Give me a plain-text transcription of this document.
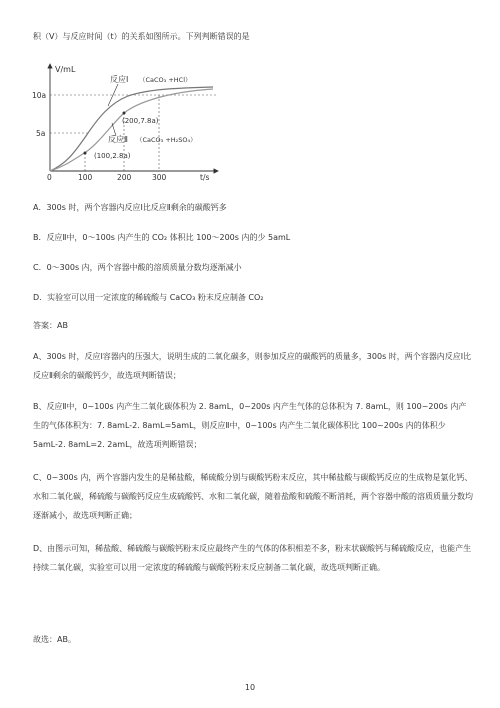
积（V）与反应时间（t）的关系如图所示。下列判断错误的是
V/mL
t/s
10a
5a
0	100	200	300
(200,7.8a)
(100,2.8a)
反应Ⅰ （CaCO₃ +HCl）
反应Ⅱ （CaCO₃ +H₂SO₄）
A．300s 时，两个容器内反应Ⅰ比反应Ⅱ剩余的碳酸钙多
B．反应Ⅱ中，0～100s 内产生的 CO₂ 体积比 100～200s 内的少 5amL
C．0～300s 内，两个容器中酸的溶质质量分数均逐渐减小
D．实验室可以用一定浓度的稀硫酸与 CaCO₃ 粉末反应制备 CO₂
答案：AB
A、300s 时，反应Ⅰ容器内的压强大，说明生成的二氧化碳多，则参加反应的碳酸钙的质量多，300s 时，两个容器内反应Ⅰ比反应Ⅱ剩余的碳酸钙少，故选项判断错误；
B、反应Ⅱ中，0~100s 内产生二氧化碳体积为 2. 8amL，0~200s 内产生气体的总体积为 7. 8amL，则 100~200s 内产生的气体体积为：7. 8amL-2. 8amL=5amL，则反应Ⅱ中，0~100s 内产生二氧化碳体积比 100~200s 内的体积少 5amL-2. 8amL=2. 2amL，故选项判断错误；
C、0~300s 内，两个容器内发生的是稀盐酸，稀硫酸分别与碳酸钙粉末反应，其中稀盐酸与碳酸钙反应的生成物是氯化钙、水和二氧化碳，稀硫酸与碳酸钙反应生成硫酸钙、水和二氧化碳，随着盐酸和硫酸不断消耗，两个容器中酸的溶质质量分数均逐渐减小，故选项判断正确；
D、由图示可知，稀盐酸、稀硫酸与碳酸钙粉末反应最终产生的气体的体积相差不多，粉末状碳酸钙与稀硫酸反应，也能产生持续二氧化碳，实验室可以用一定浓度的稀硫酸与碳酸钙粉末反应制备二氧化碳，故选项判断正确。
故选：AB。
10
